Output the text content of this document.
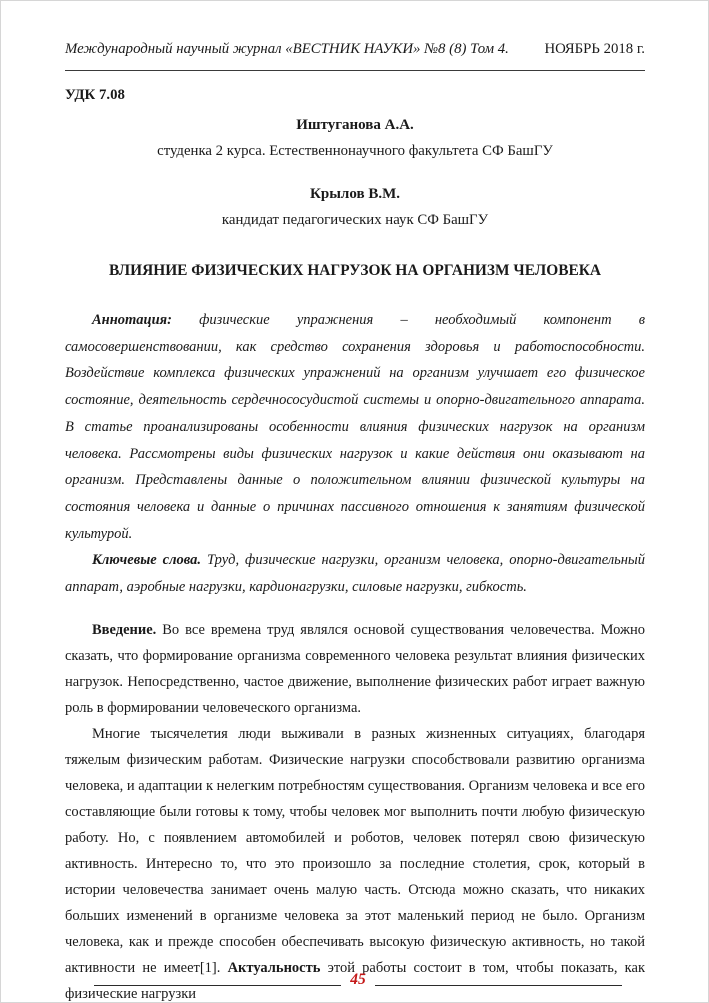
Международный научный журнал «ВЕСТНИК НАУКИ» №8 (8) Том 4.	НОЯБРЬ 2018 г.
УДК 7.08
Иштуганова А.А.
студенка 2 курса. Естественнонаучного факультета СФ БашГУ
Крылов В.М.
кандидат педагогических наук СФ БашГУ
ВЛИЯНИЕ ФИЗИЧЕСКИХ НАГРУЗОК НА ОРГАНИЗМ ЧЕЛОВЕКА

Аннотация: физические упражнения – необходимый компонент в самосовершенствовании, как средство сохранения здоровья и работоспособности. Воздействие комплекса физических упражнений на организм улучшает его физическое состояние, деятельность сердечнососудистой системы и опорно-двигательного аппарата. В статье проанализированы особенности влияния физических нагрузок на организм человека. Рассмотрены виды физических нагрузок и какие действия они оказывают на организм. Представлены данные о положительном влиянии физической культуры на состояния человека и данные о причинах пассивного отношения к занятиям физической культурой.

Ключевые слова. Труд, физические нагрузки, организм человека, опорно-двигательный аппарат, аэробные нагрузки, кардионагрузки, силовые нагрузки, гибкость.

Введение. Во все времена труд являлся основой существования человечества. Можно сказать, что формирование организма современного человека результат влияния физических нагрузок. Непосредственно, частое движение, выполнение физических работ играет важную роль в формировании человеческого организма.

Многие тысячелетия люди выживали в разных жизненных ситуациях, благодаря тяжелым физическим работам. Физические нагрузки способствовали развитию организма человека, и адаптации к нелегким потребностям существования. Организм человека и все его составляющие были готовы к тому, чтобы человек мог выполнить почти любую физическую работу. Но, с появлением автомобилей и роботов, человек потерял свою физическую активность. Интересно то, что это произошло за последние столетия, срок, который в истории человечества занимает очень малую часть. Отсюда можно сказать, что никаких больших изменений в организме человека за этот маленький период не было. Организм человека, как и прежде способен обеспечивать высокую физическую активность, но такой активности не имеет[1]. Актуальность этой работы состоит в том, чтобы показать, как физические нагрузки

45
